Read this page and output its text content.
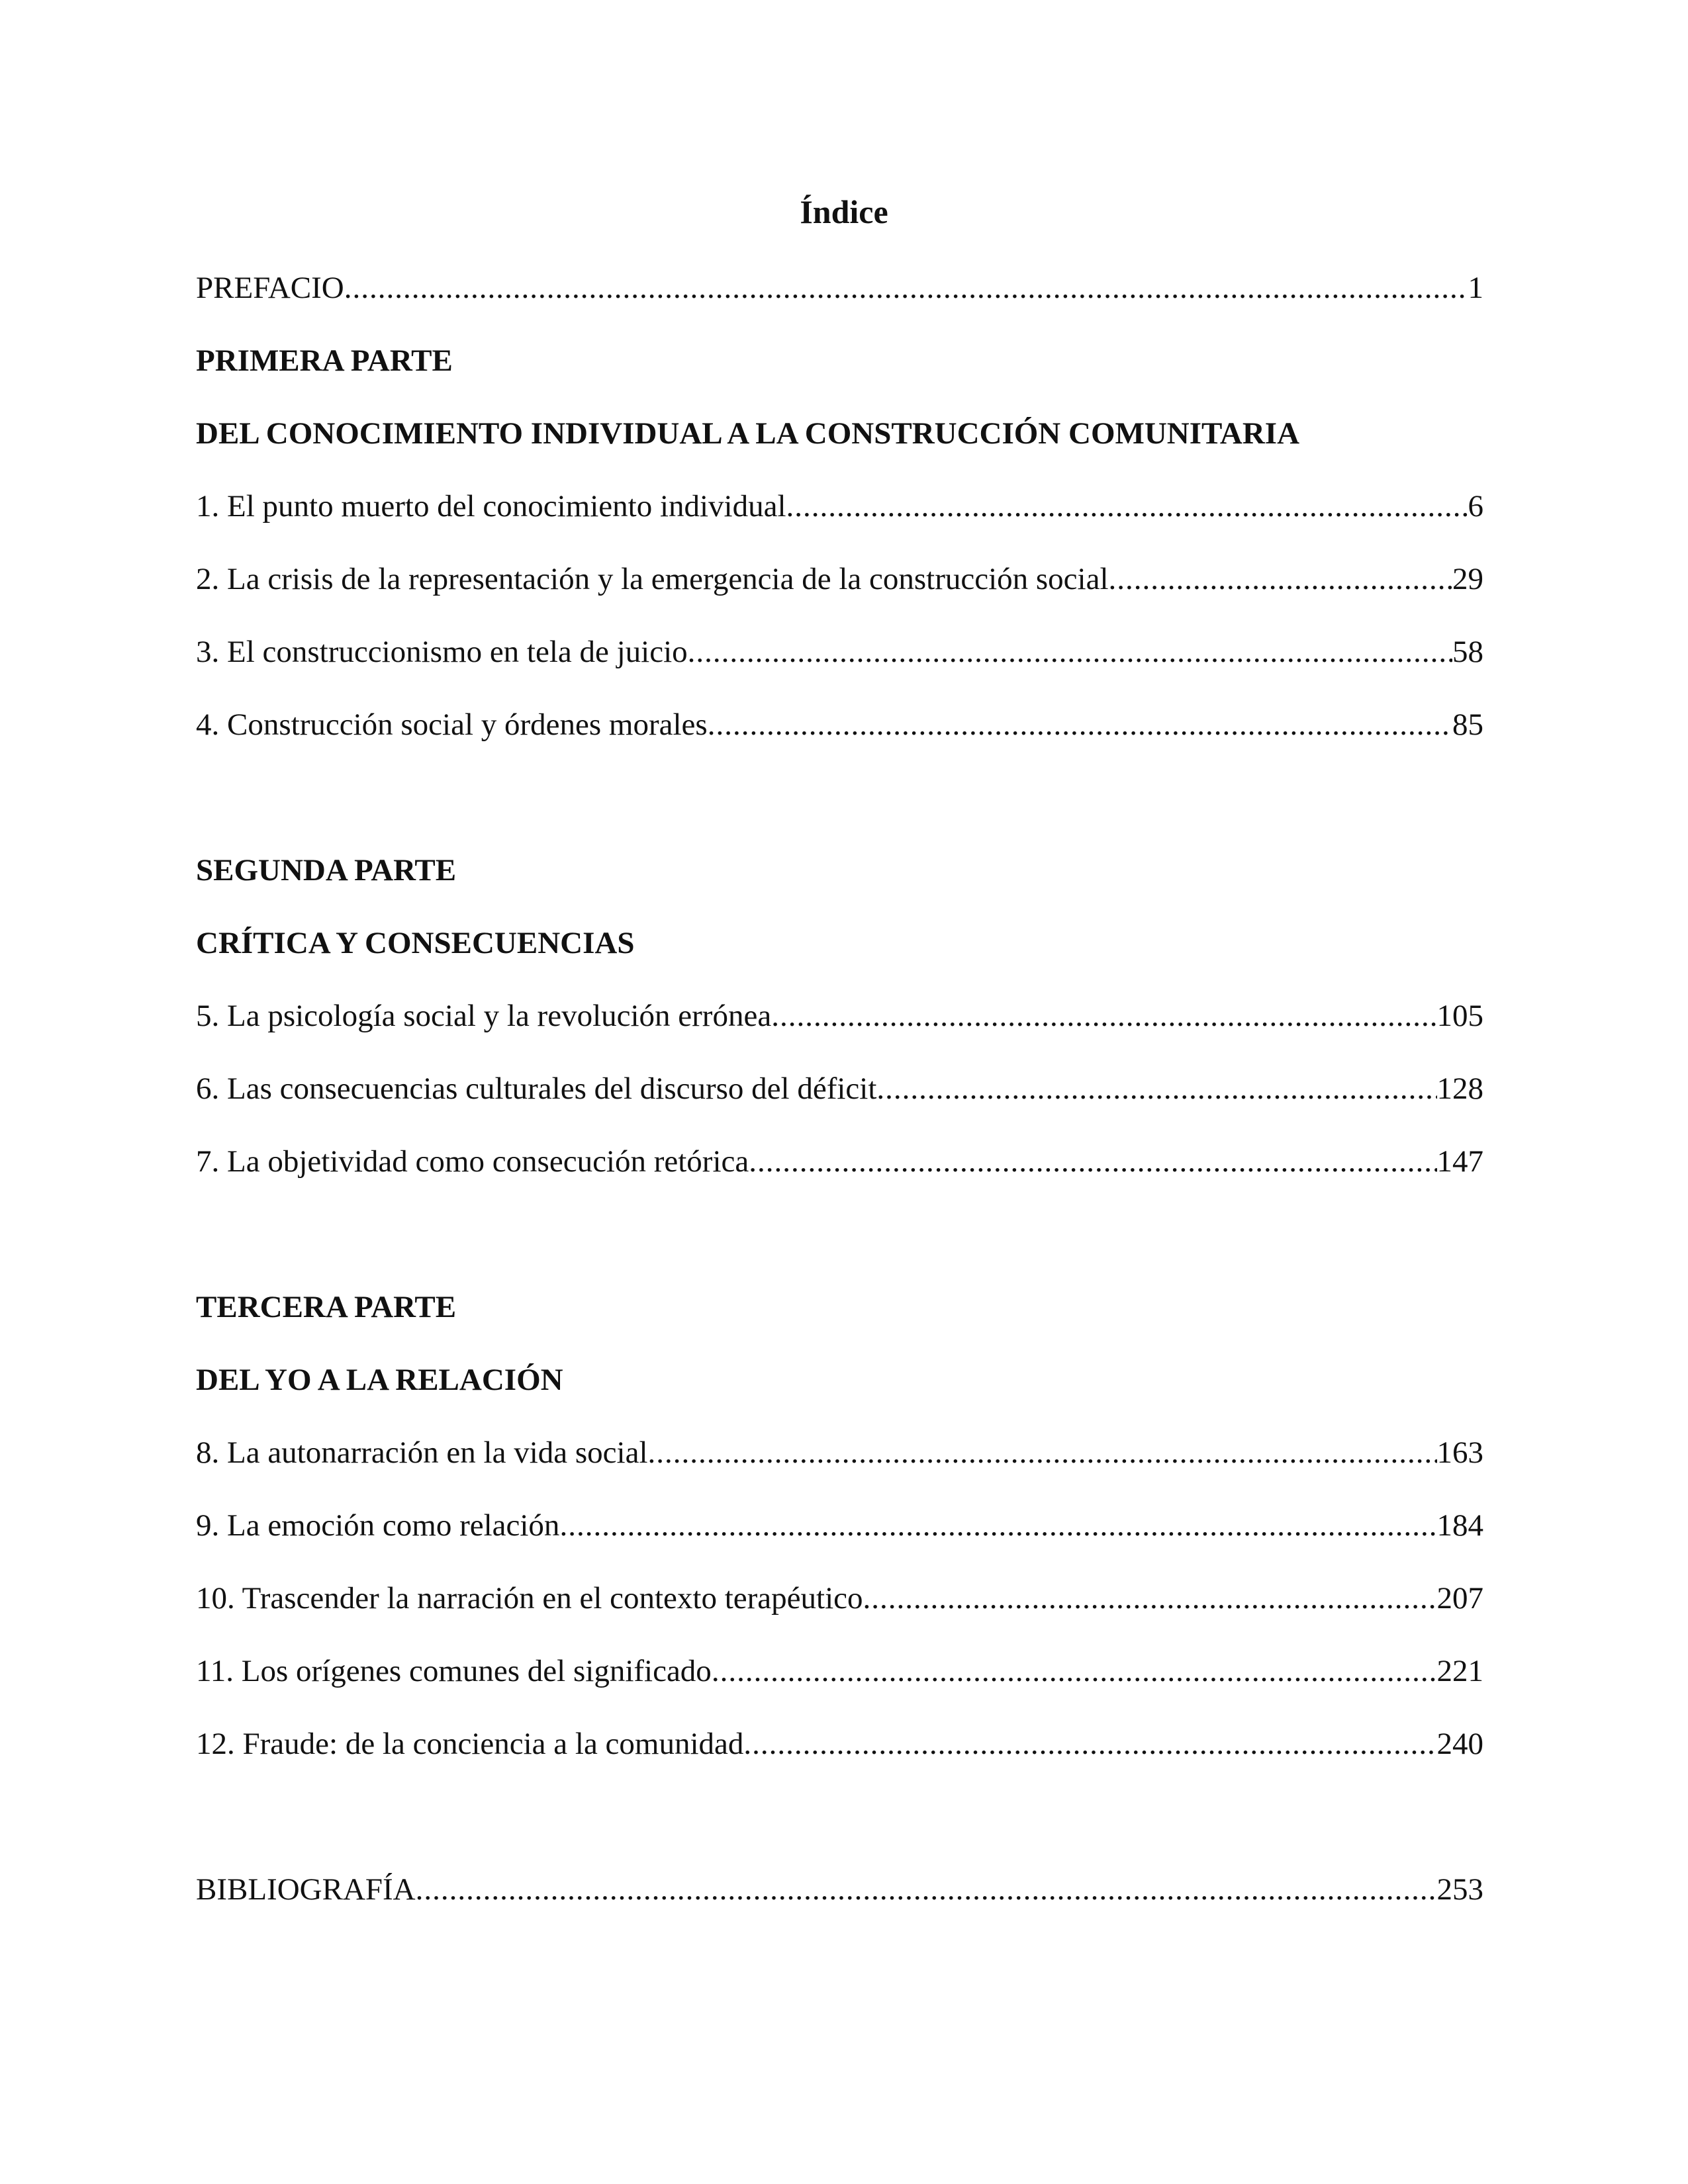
Índice
PREFACIO .....	1
PRIMERA PARTE
DEL CONOCIMIENTO INDIVIDUAL A LA CONSTRUCCIÓN COMUNITARIA
1. El punto muerto del conocimiento individual .....	6
2. La crisis de la representación y la emergencia de la construcción social .....	29
3. El construccionismo en tela de juicio .....	58
4. Construcción social y órdenes morales .....	85
SEGUNDA PARTE
CRÍTICA Y CONSECUENCIAS
5. La psicología social y la revolución errónea .....	105
6. Las consecuencias culturales del discurso del déficit .....	128
7. La objetividad como consecución retórica .....	147
TERCERA PARTE
DEL YO A LA RELACIÓN
8. La autonarración en la vida social .....	163
9. La emoción como relación .....	184
10. Trascender la narración en el contexto terapéutico .....	207
11. Los orígenes comunes del significado .....	221
12. Fraude: de la conciencia a la comunidad .....	240
BIBLIOGRAFÍA .....	253
